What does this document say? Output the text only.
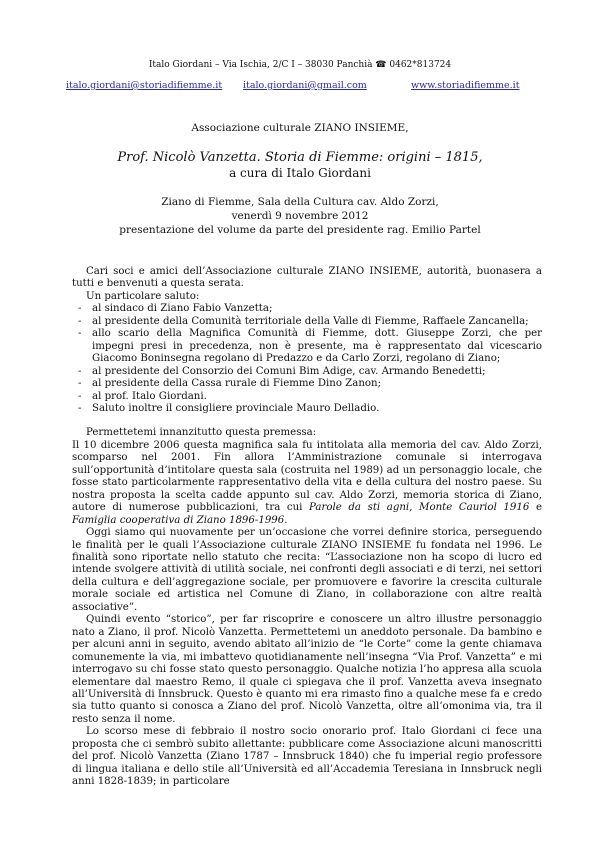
Italo Giordani – Via Ischia, 2/C I – 38030 Panchià ☎ 0462*813724
italo.giordani@storiadifiemme.it italo.giordani@gmail.com	www.storiadifiemme.it
Associazione culturale ZIANO INSIEME,
Prof. Nicolò Vanzetta. Storia di Fiemme: origini – 1815,
a cura di Italo Giordani
Ziano di Fiemme, Sala della Cultura cav. Aldo Zorzi,
venerdì 9 novembre 2012
presentazione del volume da parte del presidente rag. Emilio Partel

Cari soci e amici dell’Associazione culturale ZIANO INSIEME, autorità, buonasera a tutti e benvenuti a questa serata.

Un particolare saluto:

- al sindaco di Ziano Fabio Vanzetta;
- al presidente della Comunità territoriale della Valle di Fiemme, Raffaele Zancanella;
- allo scario della Magnifica Comunità di Fiemme, dott. Giuseppe Zorzi, che per impegni presi in precedenza, non è presente, ma è rappresentato dal vicescario Giacomo Boninsegna regolano di Predazzo e da Carlo Zorzi, regolano di Ziano;
- al presidente del Consorzio dei Comuni Bim Adige, cav. Armando Benedetti;
- al presidente della Cassa rurale di Fiemme Dino Zanon;
- al prof. Italo Giordani.
- Saluto inoltre il consigliere provinciale Mauro Delladio.

Permettetemi innanzitutto questa premessa:

Il 10 dicembre 2006 questa magnifica sala fu intitolata alla memoria del cav. Aldo Zorzi, scomparso nel 2001. Fin allora l’Amministrazione comunale si interrogava sull’opportunità d’intitolare questa sala (costruita nel 1989) ad un personaggio locale, che fosse stato particolarmente rappresentativo della vita e della cultura del nostro paese. Su nostra proposta la scelta cadde appunto sul cav. Aldo Zorzi, memoria storica di Ziano, autore di numerose pubblicazioni, tra cui Parole da sti agni, Monte Cauriol 1916 e Famiglia cooperativa di Ziano 1896-1996.

Oggi siamo qui nuovamente per un’occasione che vorrei definire storica, perseguendo le finalità per le quali l’Associazione culturale ZIANO INSIEME fu fondata nel 1996. Le finalità sono riportate nello statuto che recita: “L’associazione non ha scopo di lucro ed intende svolgere attività di utilità sociale, nei confronti degli associati e di terzi, nei settori della cultura e dell’aggregazione sociale, per promuovere e favorire la crescita culturale morale sociale ed artistica nel Comune di Ziano, in collaborazione con altre realtà associative”.

Quindi evento “storico”, per far riscoprire e conoscere un altro illustre personaggio nato a Ziano, il prof. Nicolò Vanzetta. Permettetemi un aneddoto personale. Da bambino e per alcuni anni in seguito, avendo abitato all’inizio de “le Corte” come la gente chiamava comunemente la via, mi imbattevo quotidianamente nell’insegna “Via Prof. Vanzetta” e mi interrogavo su chi fosse stato questo personaggio. Qualche notizia l’ho appresa alla scuola elementare dal maestro Remo, il quale ci spiegava che il prof. Vanzetta aveva insegnato all’Università di Innsbruck. Questo è quanto mi era rimasto fino a qualche mese fa e credo sia tutto quanto si conosca a Ziano del prof. Nicolò Vanzetta, oltre all’omonima via, tra il resto senza il nome.

Lo scorso mese di febbraio il nostro socio onorario prof. Italo Giordani ci fece una proposta che ci sembrò subito allettante: pubblicare come Associazione alcuni manoscritti del prof. Nicolò Vanzetta (Ziano 1787 – Innsbruck 1840) che fu imperial regio professore di lingua italiana e dello stile all’Università ed all’Accademia Teresiana in Innsbruck negli anni 1828-1839; in particolare
